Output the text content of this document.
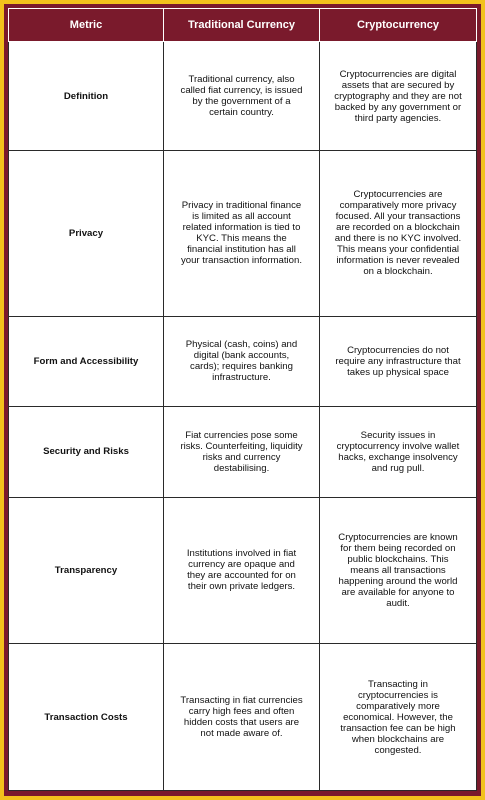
Metric	Traditional Currency	Cryptocurrency
Definition	Traditional currency, also called fiat currency, is issued by the government of a certain country.	Cryptocurrencies are digital assets that are secured by cryptography and they are not backed by any government or third party agencies.
Privacy	Privacy in traditional finance is limited as all account related information is tied to KYC. This means the financial institution has all your transaction information.	Cryptocurrencies are comparatively more privacy focused. All your transactions are recorded on a blockchain and there is no KYC involved. This means your confidential information is never revealed on a blockchain.
Form and Accessibility	Physical (cash, coins) and digital (bank accounts, cards); requires banking infrastructure.	Cryptocurrencies do not require any infrastructure that takes up physical space
Security and Risks	Fiat currencies pose some risks. Counterfeiting, liquidity risks and currency destabilising.	Security issues in cryptocurrency involve wallet hacks, exchange insolvency and rug pull.
Transparency	Institutions involved in fiat currency are opaque and they are accounted for on their own private ledgers.	Cryptocurrencies are known for them being recorded on public blockchains. This means all transactions happening around the world are available for anyone to audit.
Transaction Costs	Transacting in fiat currencies carry high fees and often hidden costs that users are not made aware of.	Transacting in cryptocurrencies is comparatively more economical. However, the transaction fee can be high when blockchains are congested.
